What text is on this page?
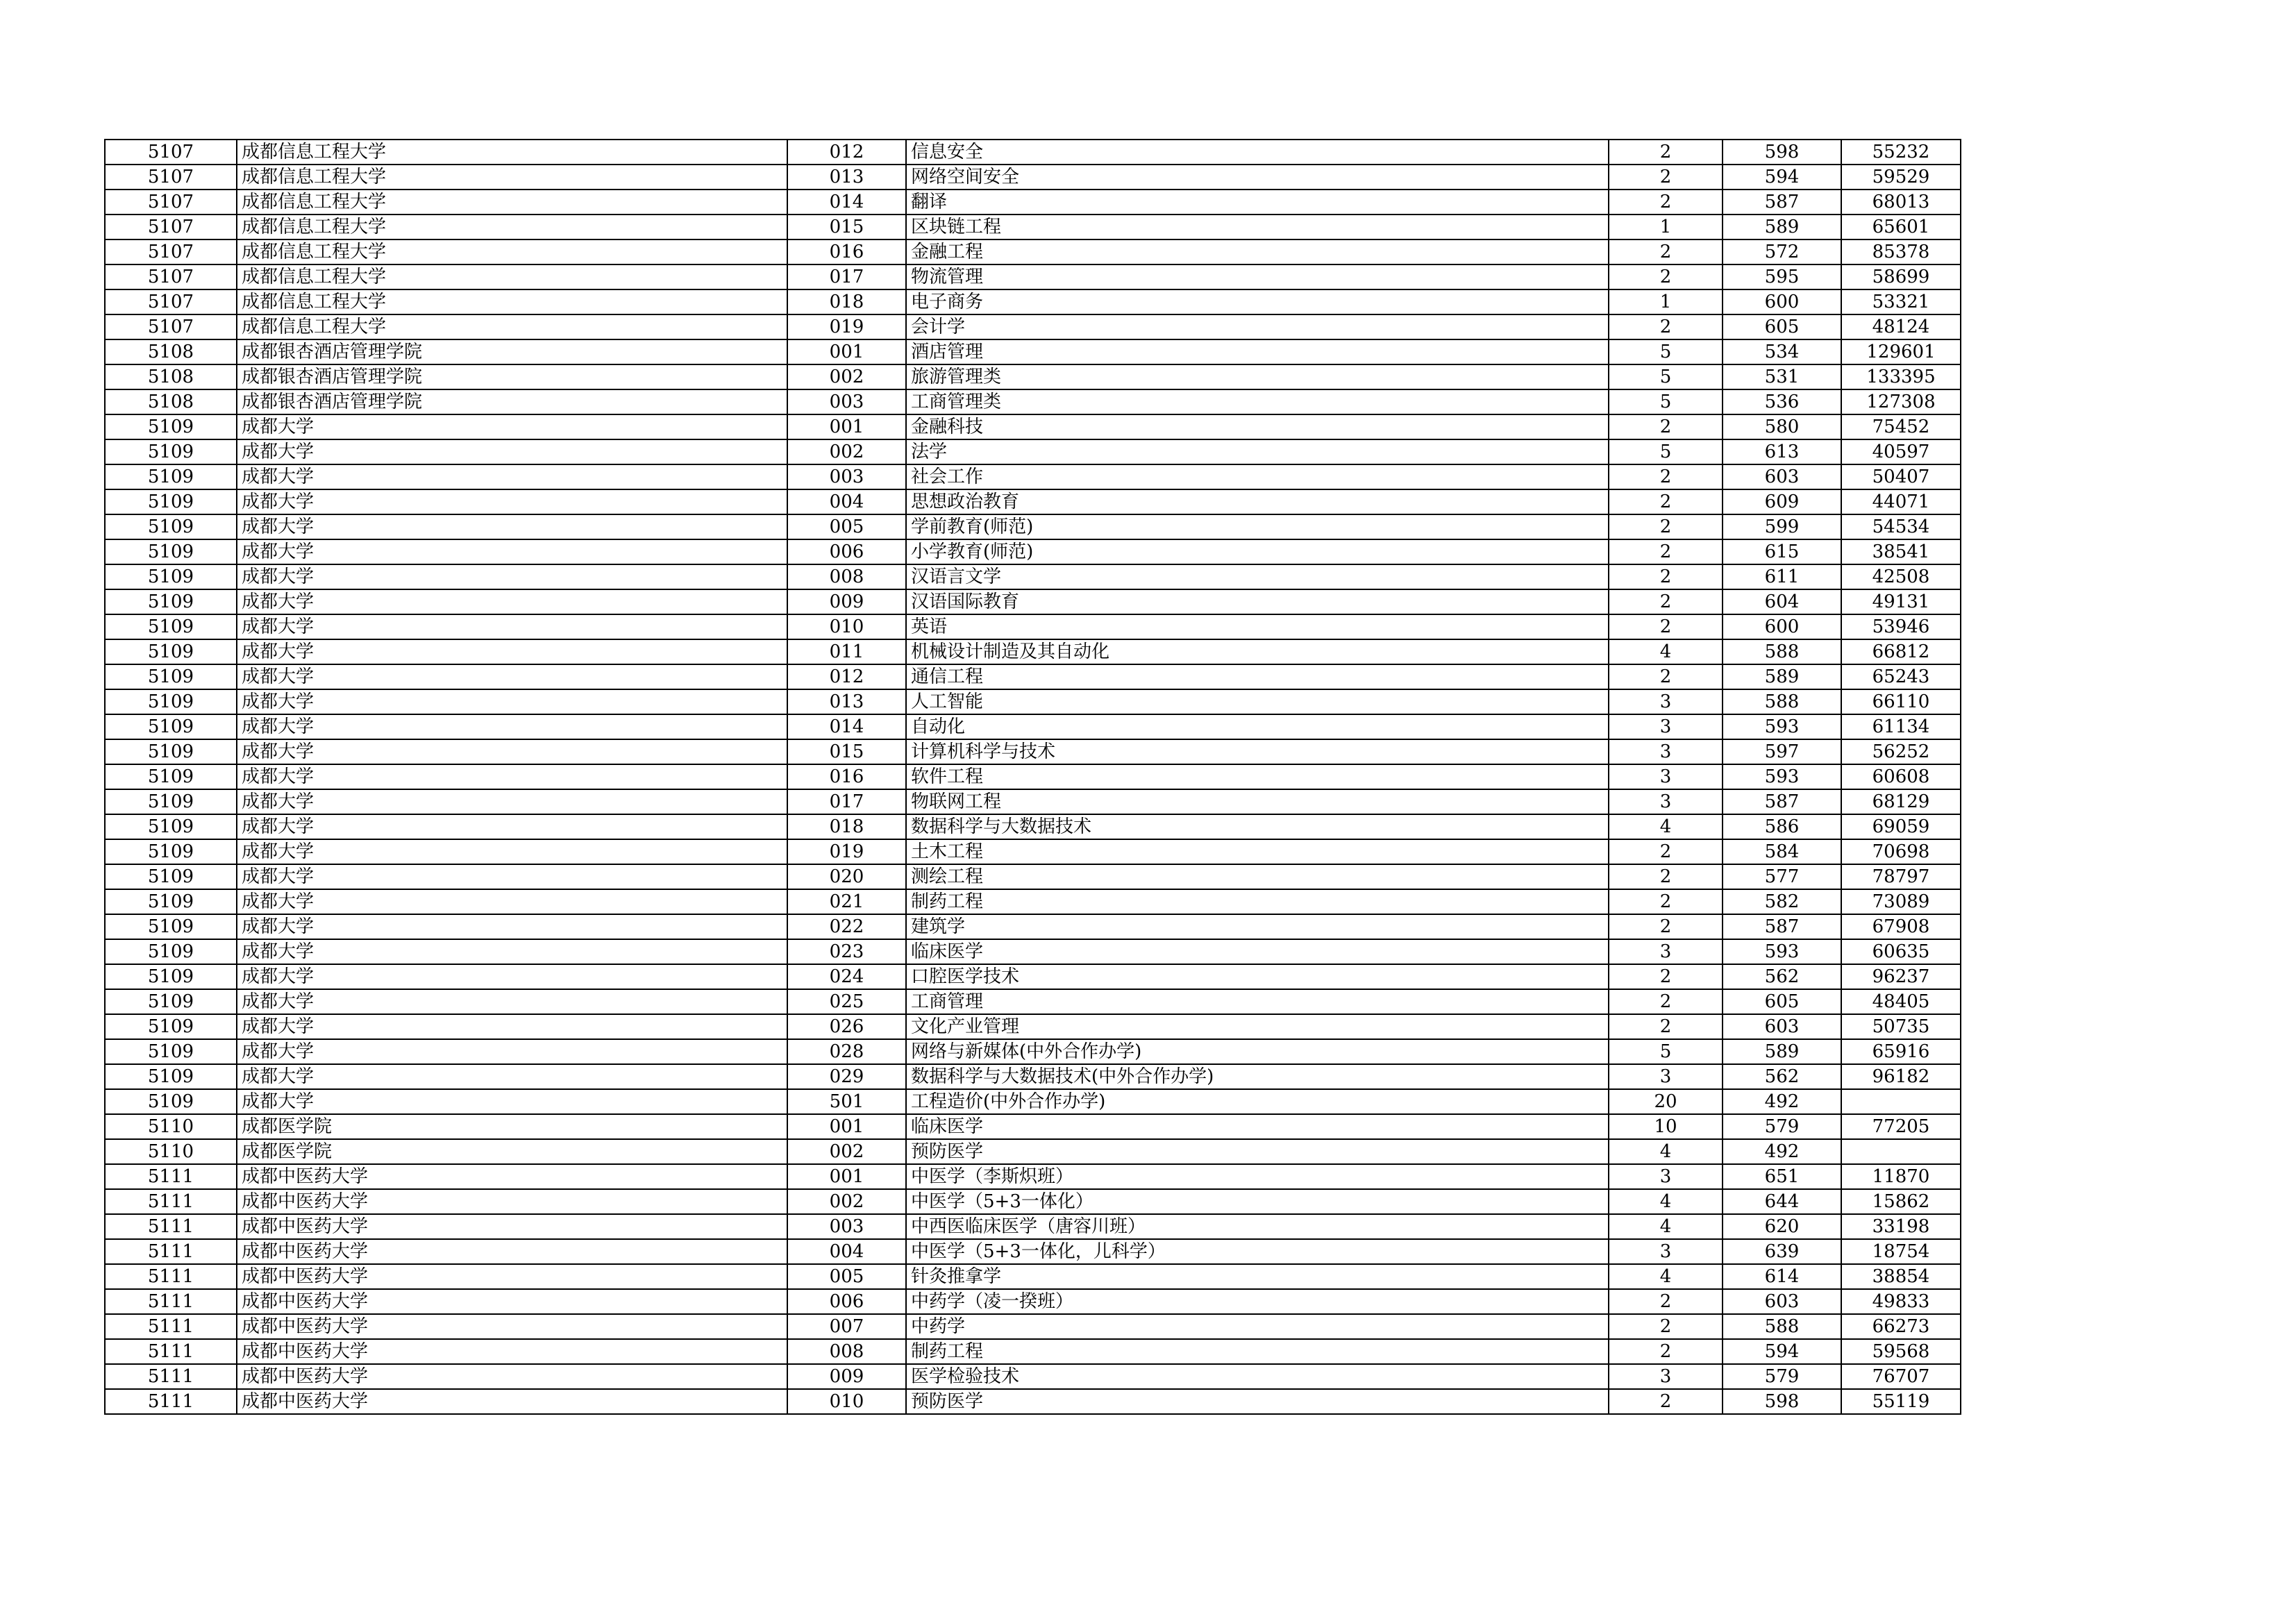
5107	成都信息工程大学	012	信息安全	2	598	55232
5107	成都信息工程大学	013	网络空间安全	2	594	59529
5107	成都信息工程大学	014	翻译	2	587	68013
5107	成都信息工程大学	015	区块链工程	1	589	65601
5107	成都信息工程大学	016	金融工程	2	572	85378
5107	成都信息工程大学	017	物流管理	2	595	58699
5107	成都信息工程大学	018	电子商务	1	600	53321
5107	成都信息工程大学	019	会计学	2	605	48124
5108	成都银杏酒店管理学院	001	酒店管理	5	534	129601
5108	成都银杏酒店管理学院	002	旅游管理类	5	531	133395
5108	成都银杏酒店管理学院	003	工商管理类	5	536	127308
5109	成都大学	001	金融科技	2	580	75452
5109	成都大学	002	法学	5	613	40597
5109	成都大学	003	社会工作	2	603	50407
5109	成都大学	004	思想政治教育	2	609	44071
5109	成都大学	005	学前教育(师范)	2	599	54534
5109	成都大学	006	小学教育(师范)	2	615	38541
5109	成都大学	008	汉语言文学	2	611	42508
5109	成都大学	009	汉语国际教育	2	604	49131
5109	成都大学	010	英语	2	600	53946
5109	成都大学	011	机械设计制造及其自动化	4	588	66812
5109	成都大学	012	通信工程	2	589	65243
5109	成都大学	013	人工智能	3	588	66110
5109	成都大学	014	自动化	3	593	61134
5109	成都大学	015	计算机科学与技术	3	597	56252
5109	成都大学	016	软件工程	3	593	60608
5109	成都大学	017	物联网工程	3	587	68129
5109	成都大学	018	数据科学与大数据技术	4	586	69059
5109	成都大学	019	土木工程	2	584	70698
5109	成都大学	020	测绘工程	2	577	78797
5109	成都大学	021	制药工程	2	582	73089
5109	成都大学	022	建筑学	2	587	67908
5109	成都大学	023	临床医学	3	593	60635
5109	成都大学	024	口腔医学技术	2	562	96237
5109	成都大学	025	工商管理	2	605	48405
5109	成都大学	026	文化产业管理	2	603	50735
5109	成都大学	028	网络与新媒体(中外合作办学)	5	589	65916
5109	成都大学	029	数据科学与大数据技术(中外合作办学)	3	562	96182
5109	成都大学	501	工程造价(中外合作办学)	20	492	
5110	成都医学院	001	临床医学	10	579	77205
5110	成都医学院	002	预防医学	4	492	
5111	成都中医药大学	001	中医学（李斯炽班）	3	651	11870
5111	成都中医药大学	002	中医学（5+3一体化）	4	644	15862
5111	成都中医药大学	003	中西医临床医学（唐容川班）	4	620	33198
5111	成都中医药大学	004	中医学（5+3一体化，儿科学）	3	639	18754
5111	成都中医药大学	005	针灸推拿学	4	614	38854
5111	成都中医药大学	006	中药学（凌一揆班）	2	603	49833
5111	成都中医药大学	007	中药学	2	588	66273
5111	成都中医药大学	008	制药工程	2	594	59568
5111	成都中医药大学	009	医学检验技术	3	579	76707
5111	成都中医药大学	010	预防医学	2	598	55119
